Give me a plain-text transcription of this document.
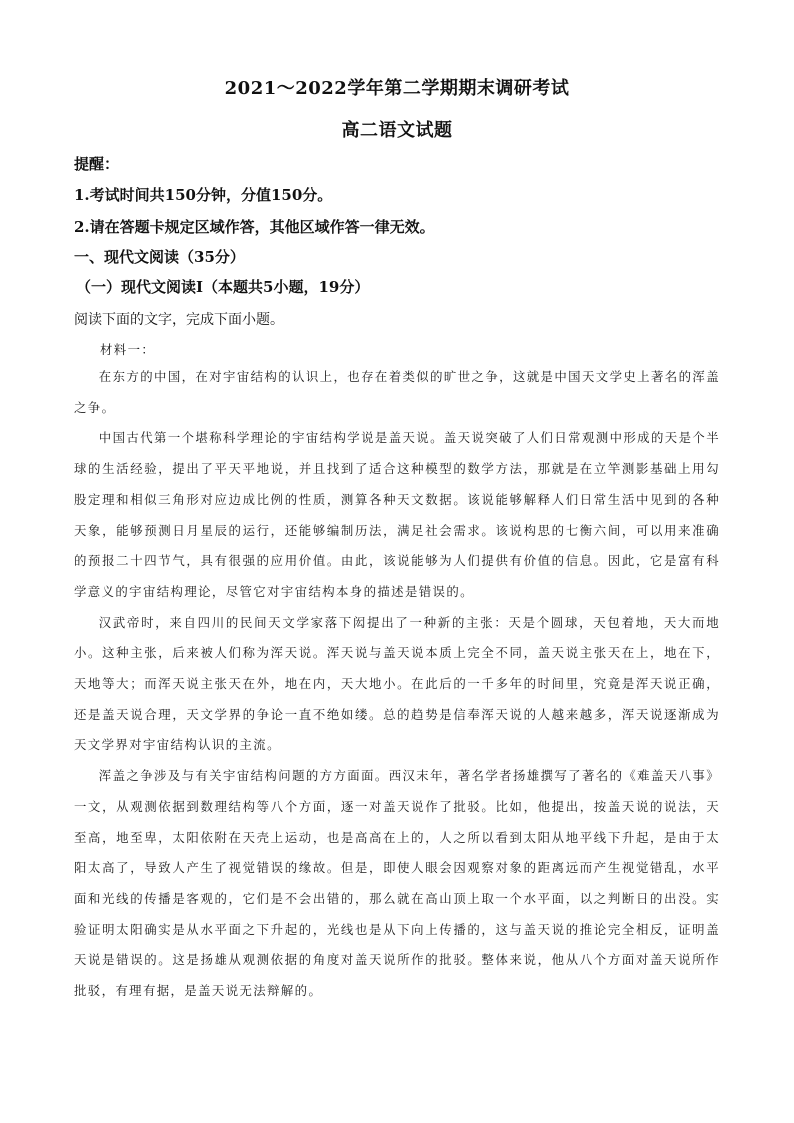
2021～2022学年第二学期期末调研考试
高二语文试题
提醒：
1.考试时间共150分钟，分值150分。
2.请在答题卡规定区域作答，其他区域作答一律无效。
一、现代文阅读（35分）
（一）现代文阅读Ⅰ（本题共5小题，19分）
阅读下面的文字，完成下面小题。
材料一：

在东方的中国，在对宇宙结构的认识上，也存在着类似的旷世之争，这就是中国天文学史上著名的浑盖之争。

中国古代第一个堪称科学理论的宇宙结构学说是盖天说。盖天说突破了人们日常观测中形成的天是个半球的生活经验，提出了平天平地说，并且找到了适合这种模型的数学方法，那就是在立竿测影基础上用勾股定理和相似三角形对应边成比例的性质，测算各种天文数据。该说能够解释人们日常生活中见到的各种天象，能够预测日月星辰的运行，还能够编制历法，满足社会需求。该说构思的七衡六间，可以用来准确的预报二十四节气，具有很强的应用价值。由此，该说能够为人们提供有价值的信息。因此，它是富有科学意义的宇宙结构理论，尽管它对宇宙结构本身的描述是错误的。

汉武帝时，来自四川的民间天文学家落下闳提出了一种新的主张：天是个圆球，天包着地，天大而地小。这种主张，后来被人们称为浑天说。浑天说与盖天说本质上完全不同，盖天说主张天在上，地在下，天地等大；而浑天说主张天在外，地在内，天大地小。在此后的一千多年的时间里，究竟是浑天说正确，还是盖天说合理，天文学界的争论一直不绝如缕。总的趋势是信奉浑天说的人越来越多，浑天说逐渐成为天文学界对宇宙结构认识的主流。

浑盖之争涉及与有关宇宙结构问题的方方面面。西汉末年，著名学者扬雄撰写了著名的《难盖天八事》一文，从观测依据到数理结构等八个方面，逐一对盖天说作了批驳。比如，他提出，按盖天说的说法，天至高，地至卑，太阳依附在天壳上运动，也是高高在上的，人之所以看到太阳从地平线下升起，是由于太阳太高了，导致人产生了视觉错误的缘故。但是，即使人眼会因观察对象的距离远而产生视觉错乱，水平面和光线的传播是客观的，它们是不会出错的，那么就在高山顶上取一个水平面，以之判断日的出没。实验证明太阳确实是从水平面之下升起的，光线也是从下向上传播的，这与盖天说的推论完全相反，证明盖天说是错误的。这是扬雄从观测依据的角度对盖天说所作的批驳。整体来说，他从八个方面对盖天说所作批驳，有理有据，是盖天说无法辩解的。
